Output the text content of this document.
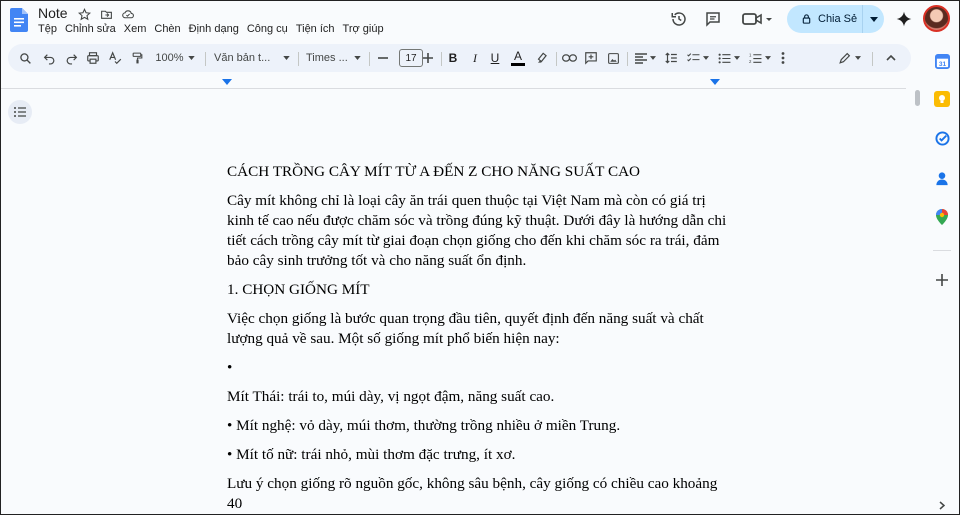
Note
Tệp Chỉnh sửa Xem Chèn Định dạng Công cụ Tiện ích Trợ giúp
Chia Sẻ
100%	Văn bản t...	Times ...	17	B	I	U	A	1
2

CÁCH TRỒNG CÂY MÍT TỪ A ĐẾN Z CHO NĂNG SUẤT CAO

Cây mít không chỉ là loại cây ăn trái quen thuộc tại Việt Nam mà còn có giá trị kinh tế cao nếu được chăm sóc và trồng đúng kỹ thuật. Dưới đây là hướng dẫn chi tiết cách trồng cây mít từ giai đoạn chọn giống cho đến khi chăm sóc ra trái, đảm bảo cây sinh trưởng tốt và cho năng suất ổn định.

1. CHỌN GIỐNG MÍT

Việc chọn giống là bước quan trọng đầu tiên, quyết định đến năng suất và chất lượng quả về sau. Một số giống mít phổ biến hiện nay:

•

Mít Thái: trái to, múi dày, vị ngọt đậm, năng suất cao.

• Mít nghệ: vỏ dày, múi thơm, thường trồng nhiều ở miền Trung.

• Mít tố nữ: trái nhỏ, mùi thơm đặc trưng, ít xơ.

Lưu ý chọn giống rõ nguồn gốc, không sâu bệnh, cây giống có chiều cao khoảng 40

31
